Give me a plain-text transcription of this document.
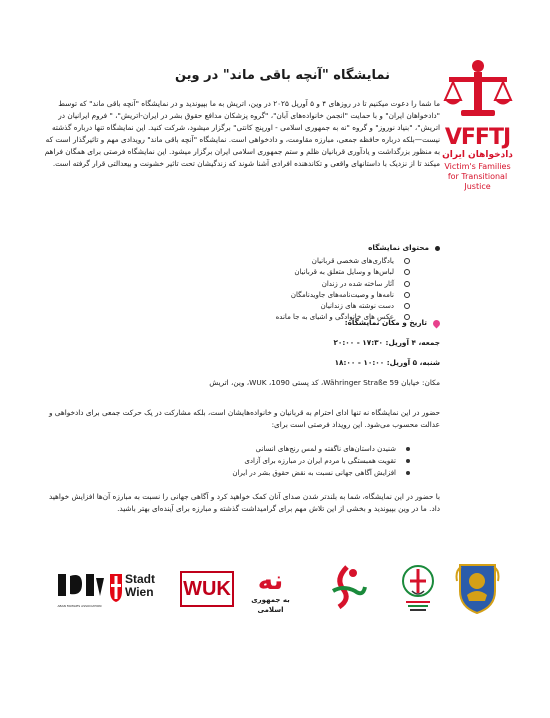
VFFTJ
دادخواهان ایران
Victim's Families
for Transitional
Justice
نمایشگاه "آنچه باقی ماند" در وین
ما شما را دعوت میکنیم تا در روزهای ۴ و ۵ آوریل ۲۰۲۵ در وین، اتریش به ما بپیوندید و در نمایشگاه "آنچه باقی ماند" که توسط "دادخواهان ایران" و با حمایت "انجمن خانواده‌های آبان"، "گروه پزشکان مدافع حقوق بشر در ایران-اتریش"، " فروم ایرانیان در اتریش"، "بنیاد نوروز" و گروه "نه به جمهوری اسلامی - اورپنج کانتی" برگزار میشود، شرکت کنید. این نمایشگاه تنها درباره گذشته نیست—بلکه درباره حافظه جمعی، مبارزه مقاومت، و دادخواهی است. نمایشگاه "آنچه باقی ماند" رویدادی مهم و تاثیرگذار است که به منظور بزرگداشت و یادآوری قربانیان ظلم و ستم جمهوری اسلامی ایران برگزار میشود. این نمایشگاه فرصتی برای همگان فراهم میکند تا از نزدیک با داستانهای واقعی و تکاندهنده افرادی آشنا شوند که زندگیشان تحت تاثیر خشونت و بیعدالتی قرار گرفته است.
محتوای نمایشگاه
یادگاری‌های شخصی قربانیان
لباس‌ها و وسایل متعلق به قربانیان
آثار ساخته شده در زندان
نامه‌ها و وصیت‌نامه‌های جاویدنامگان
دست نوشته های زندانیان
عکس های خانوادگی و اشیای به جا مانده
تاریخ و مکان نمایشگاه:
جمعه، ۴ آوریل: ۱۷:۳۰ - ۲۰:۰۰
شنبه، ۵ آوریل: ۱۰:۰۰ - ۱۸:۰۰
مکان: خیابان Währinger Straße 59، کد پستی 1090، WUK، وین، اتریش
حضور در این نمایشگاه نه تنها ادای احترام به قربانیان و خانواده‌هایشان است، بلکه مشارکت در یک حرکت جمعی برای دادخواهی و عدالت محسوب می‌شود. این رویداد فرصتی است برای:
شنیدن داستان‌های ناگفته و لمس رنج‌های انسانی
تقویت همبستگی با مردم ایران در مبارزه برای آزادی
افزایش آگاهی جهانی نسبت به نقض حقوق بشر در ایران
با حضور در این نمایشگاه، شما به بلندتر شدن صدای آنان کمک خواهید کرد و آگاهی جهانی را نسبت به مبارزه آن‌ها افزایش خواهید داد. ما در وین بپیوندید و بخشی از این تلاش مهم برای گرامیداشت گذشته و مبارزه برای آینده‌ای بهتر باشید.
ABAN FAMILIES ASSOCIATION
Stadt
Wien WUK	نه
به جمهوری اسلامی
